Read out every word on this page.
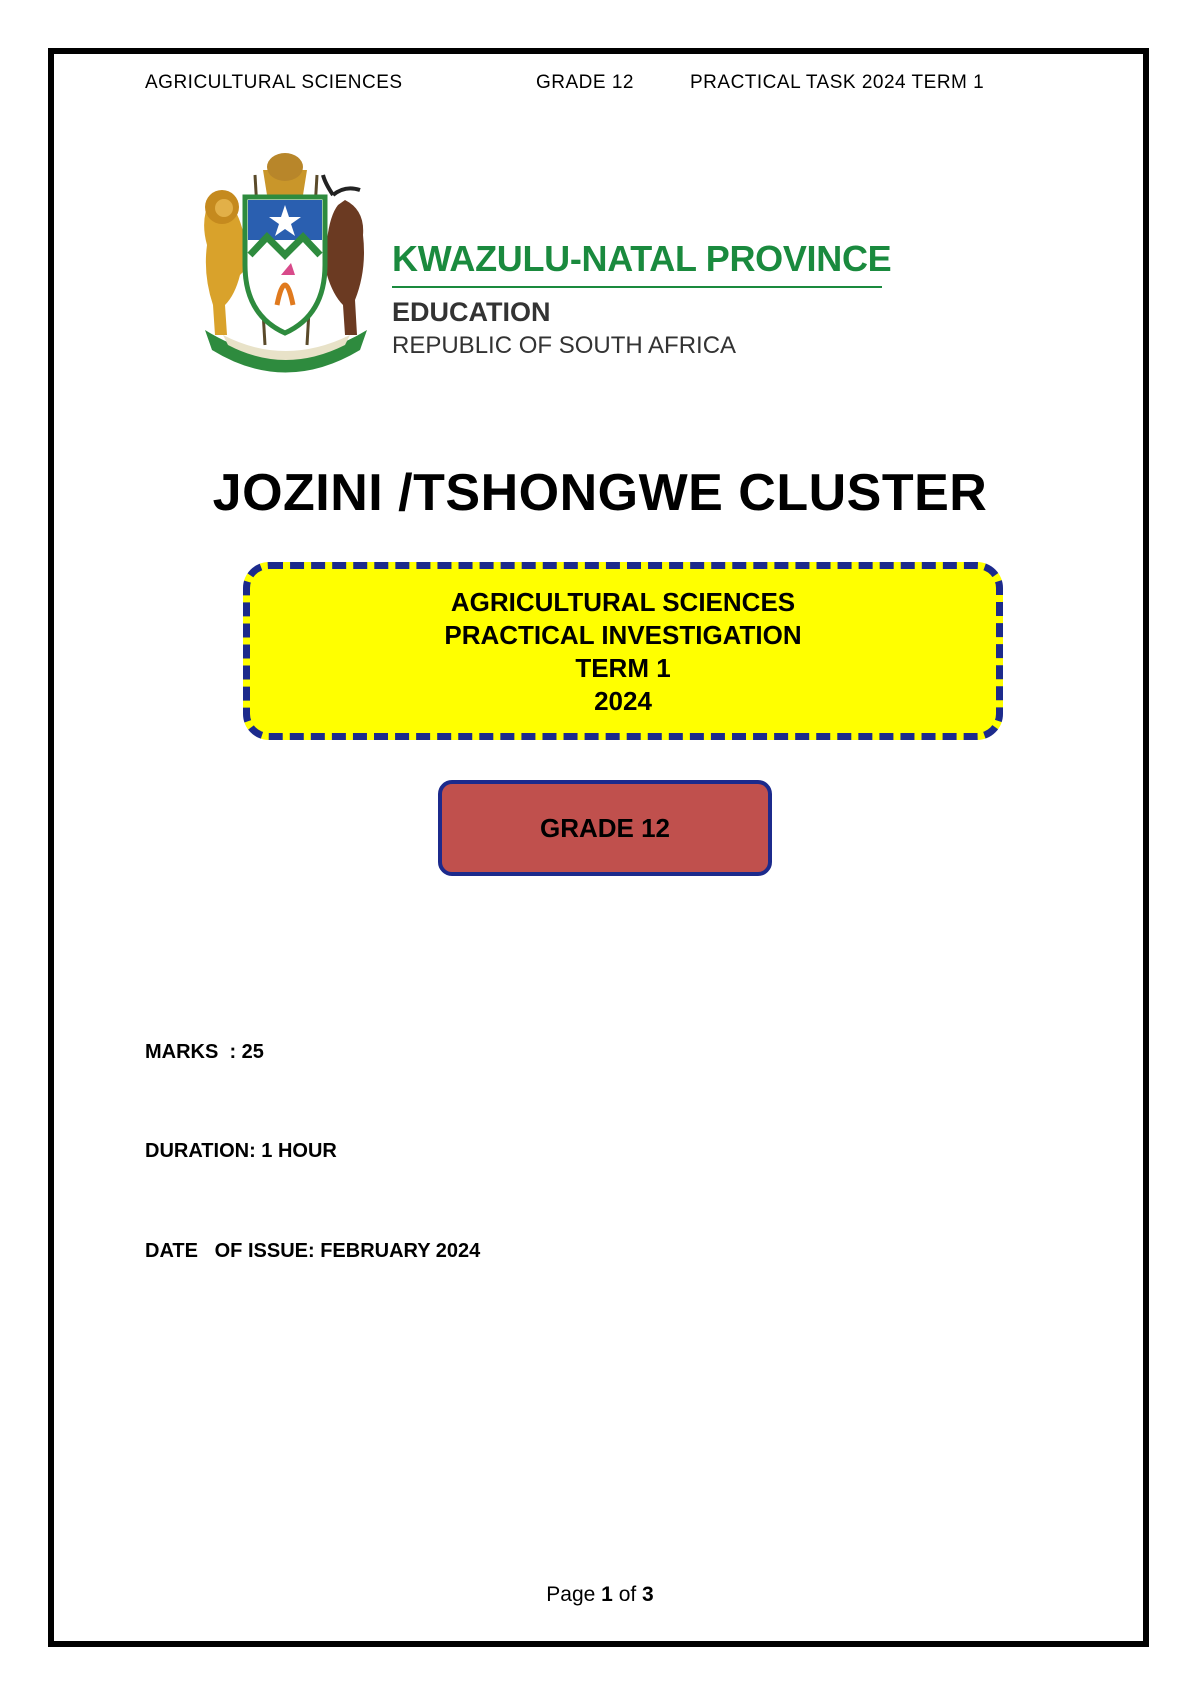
AGRICULTURAL SCIENCES	GRADE 12	PRACTICAL TASK 2024 TERM 1
KWAZULU-NATAL PROVINCE
EDUCATION
REPUBLIC OF SOUTH AFRICA
JOZINI /TSHONGWE CLUSTER
AGRICULTURAL SCIENCES
PRACTICAL INVESTIGATION
TERM 1
2024
GRADE 12
MARKS  : 25
DURATION: 1 HOUR
DATE   OF ISSUE: FEBRUARY 2024
Page 1 of 3
